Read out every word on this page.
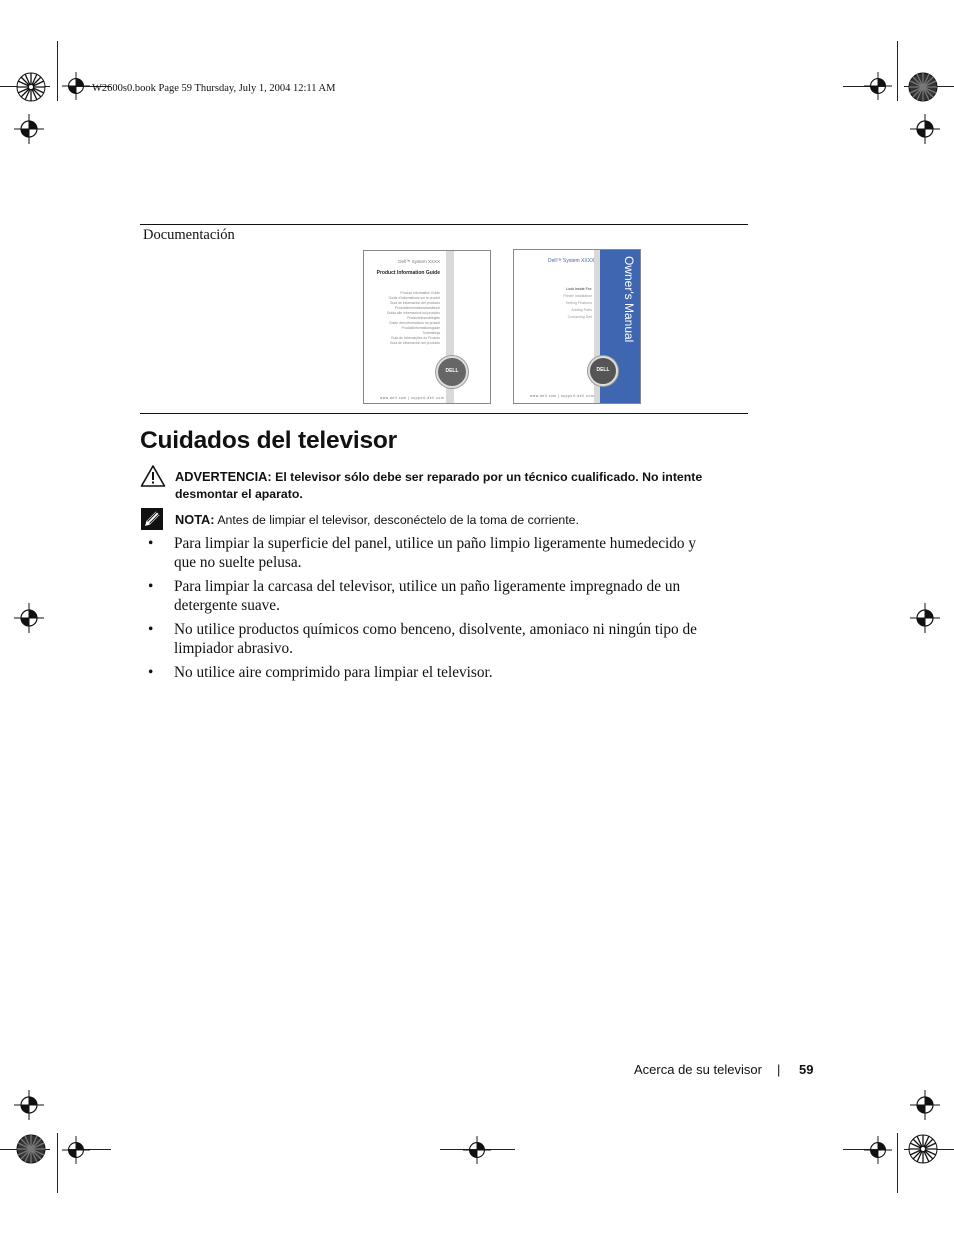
W2600s0.book Page 59 Thursday, July 1, 2004 12:11 AM
Documentación
Dell™ System XXXX
Product Information Guide
Product Information Guide
Guide d'informations sur le produit
Guía de información del producto
Produktinformationshandbuch
Guida alle informazioni sul prodotto
Productinformatiegids
Guide des informations du produit
Produktinformationsguide
Tuotetietoja
Guia de Informações do Produto
Guía de información del producto
DELL
www.dell.com | support.dell.com
Dell™ System XXXX Owner's Manual
Look Inside For:
Printer Installation
Setting Features
Adding Parts
Contacting Dell
DELL
www.dell.com | support.dell.com
Cuidados del televisor
ADVERTENCIA: El televisor sólo debe ser reparado por un técnico cualificado. No intente desmontar el aparato.
NOTA: Antes de limpiar el televisor, desconéctelo de la toma de corriente.
• Para limpiar la superficie del panel, utilice un paño limpio ligeramente humedecido y que no suelte pelusa.
• Para limpiar la carcasa del televisor, utilice un paño ligeramente impregnado de un detergente suave.
• No utilice productos químicos como benceno, disolvente, amoniaco ni ningún tipo de limpiador abrasivo.
• No utilice aire comprimido para limpiar el televisor.
Acerca de su televisor | 59
